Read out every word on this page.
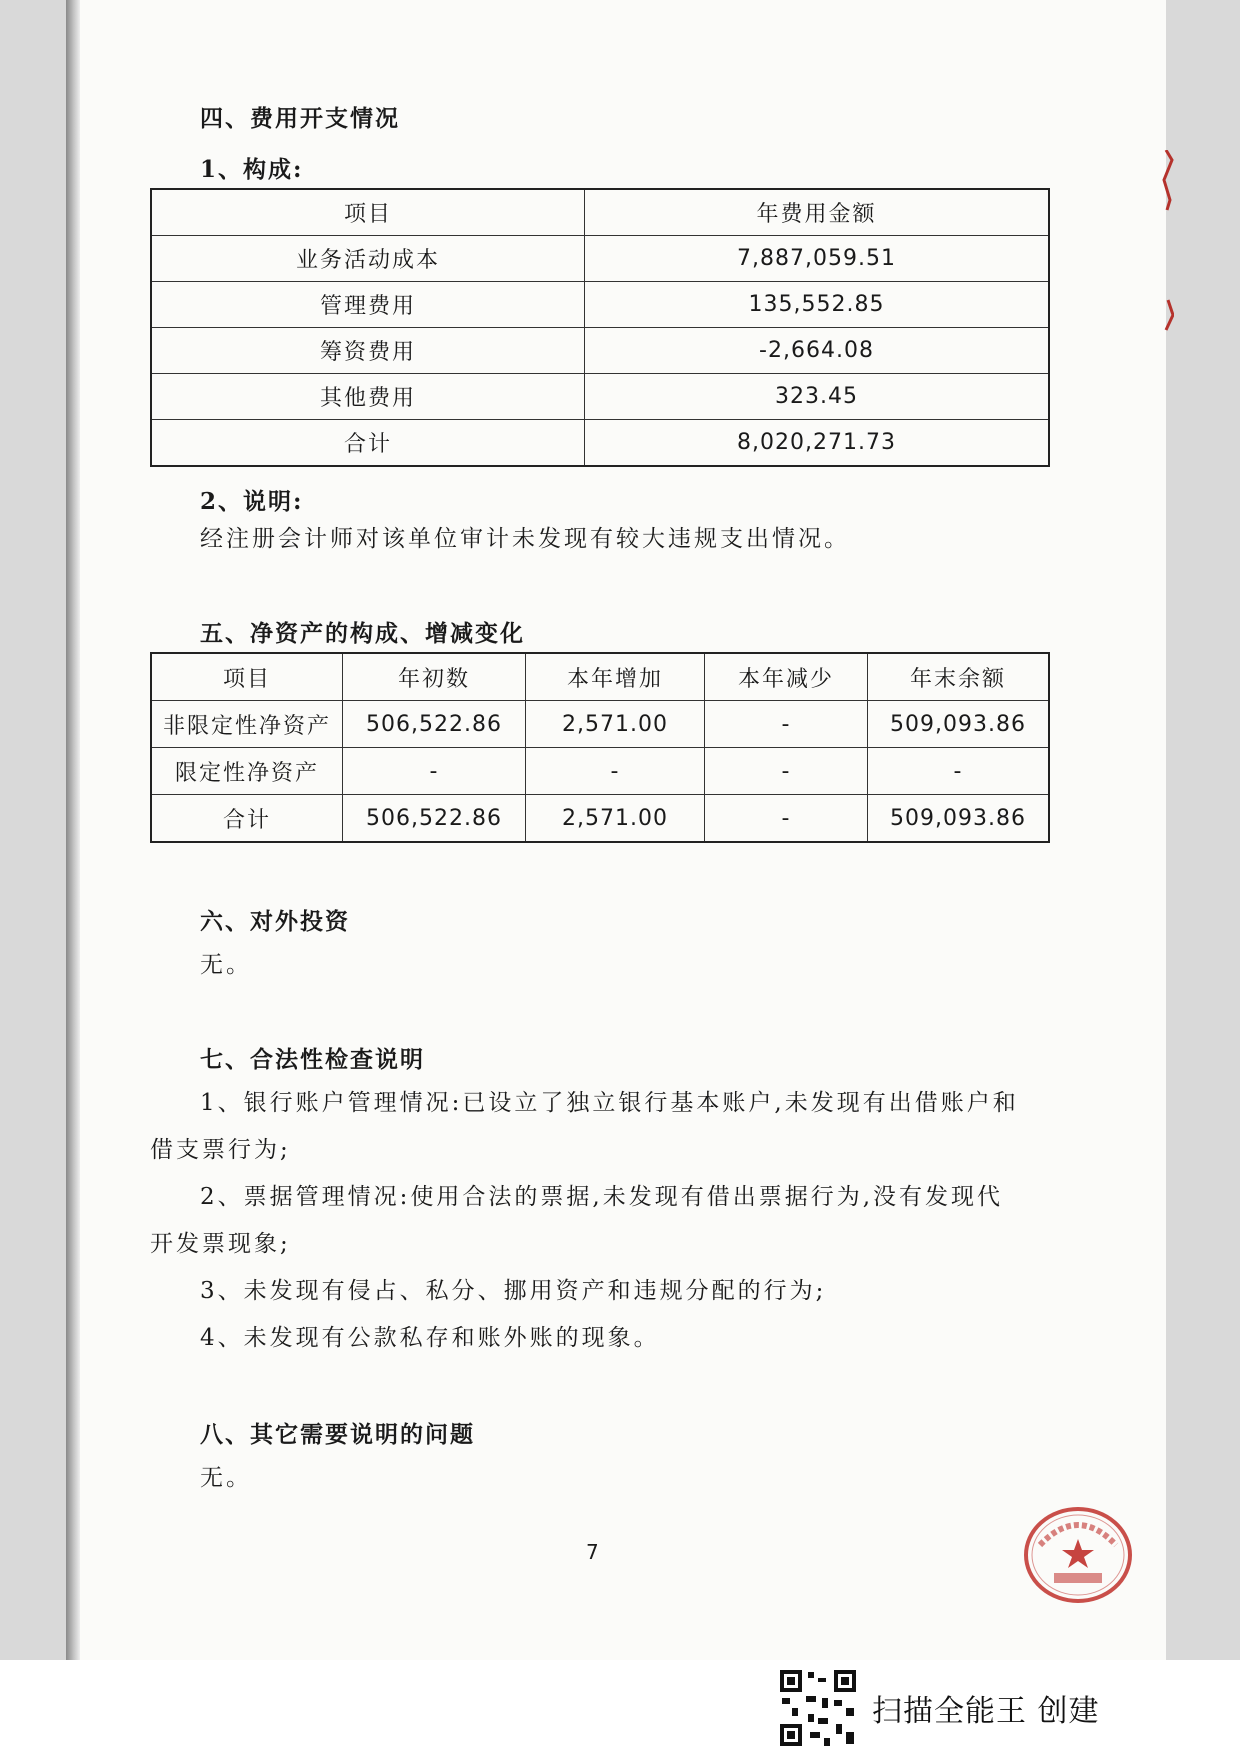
四、费用开支情况

1、构成:

项目	年费用金额
业务活动成本	7,887,059.51
管理费用	135,552.85
筹资费用	-2,664.08
其他费用	323.45
合计	8,020,271.73

2、说明:

经注册会计师对该单位审计未发现有较大违规支出情况。

五、净资产的构成、增减变化

项目	年初数	本年增加	本年减少	年末余额
非限定性净资产	506,522.86	2,571.00	-	509,093.86
限定性净资产	-	-	-	-
合计	506,522.86	2,571.00	-	509,093.86

六、对外投资

无。

七、合法性检查说明

1、银行账户管理情况:已设立了独立银行基本账户,未发现有出借账户和

借支票行为;

2、票据管理情况:使用合法的票据,未发现有借出票据行为,没有发现代

开发票现象;

3、未发现有侵占、私分、挪用资产和违规分配的行为;

4、未发现有公款私存和账外账的现象。

八、其它需要说明的问题

无。

7
扫描全能王 创建
